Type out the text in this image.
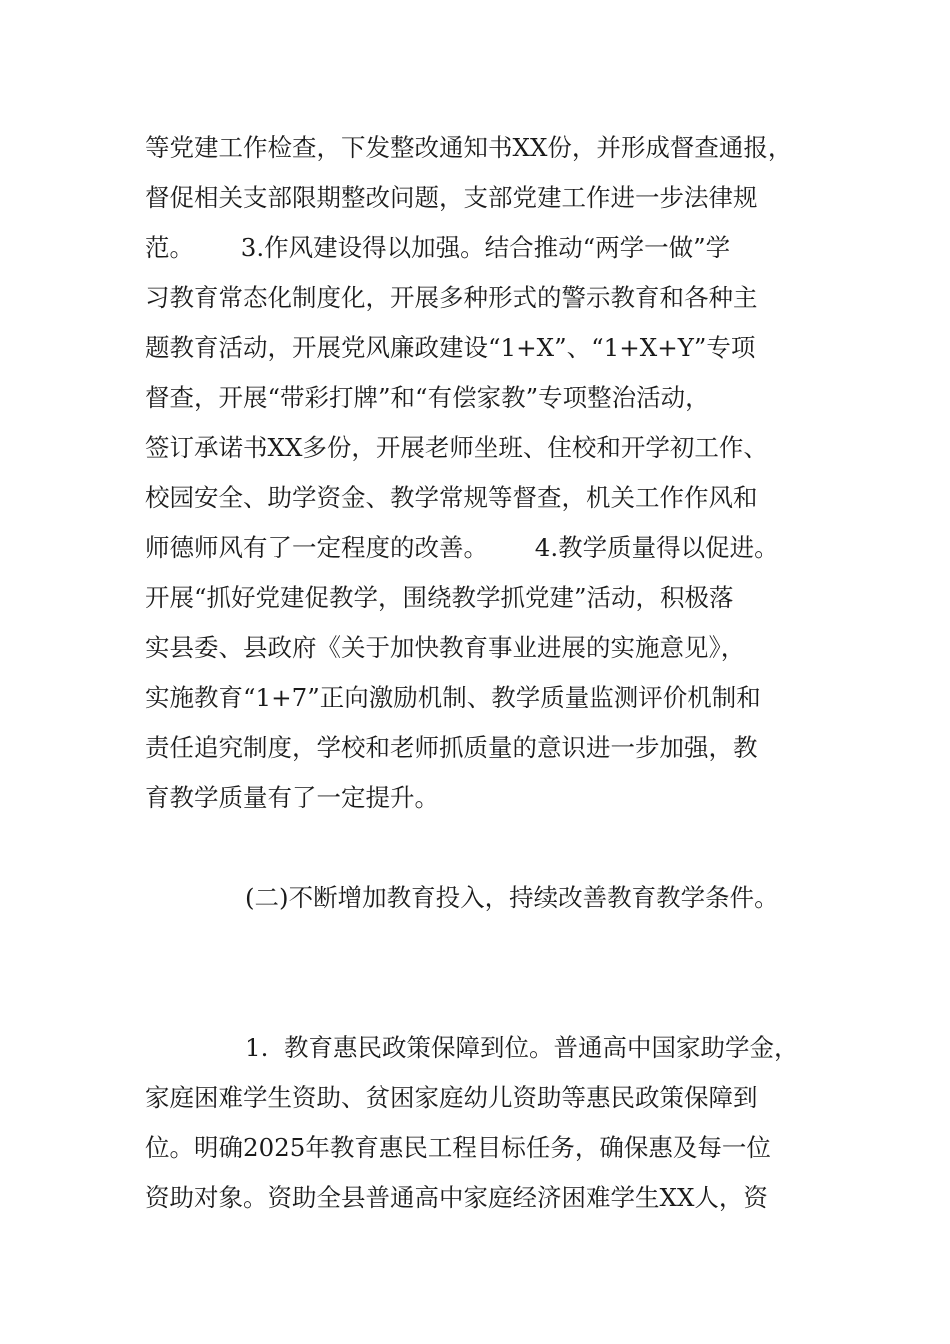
等党建工作检查，下发整改通知书XX份，并形成督查通报，
督促相关支部限期整改问题，支部党建工作进一步法律规
范。      3.作风建设得以加强。结合推动“两学一做”学
习教育常态化制度化，开展多种形式的警示教育和各种主
题教育活动，开展党风廉政建设“1+X”、“1+X+Y”专项
督查，开展“带彩打牌”和“有偿家教”专项整治活动，
签订承诺书XX多份，开展老师坐班、住校和开学初工作、
校园安全、助学资金、教学常规等督查，机关工作作风和
师德师风有了一定程度的改善。      4.教学质量得以促进。
开展“抓好党建促教学，围绕教学抓党建”活动，积极落
实县委、县政府《关于加快教育事业进展的实施意见》，
实施教育“1+7”正向激励机制、教学质量监测评价机制和
责任追究制度，学校和老师抓质量的意识进一步加强，教
育教学质量有了一定提升。
(二)不断增加教育投入，持续改善教育教学条件。
1.  教育惠民政策保障到位。普通高中国家助学金，
家庭困难学生资助、贫困家庭幼儿资助等惠民政策保障到
位。明确2025年教育惠民工程目标任务，确保惠及每一位
资助对象。资助全县普通高中家庭经济困难学生XX人，资
